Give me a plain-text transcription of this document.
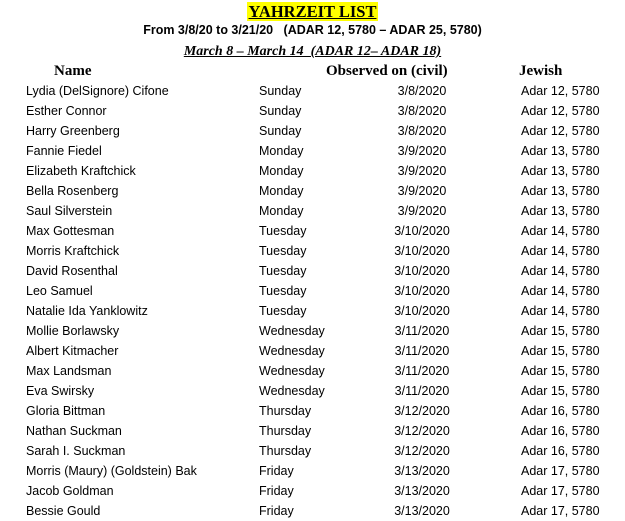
YAHRZEIT LIST
From 3/8/20 to 3/21/20   (ADAR 12, 5780 – ADAR 25, 5780)
March 8 – March 14  (ADAR 12– ADAR 18)
Name	Observed on (civil)	Jewish
Lydia (DelSignore) Cifone	Sunday	3/8/2020	Adar 12, 5780
Esther Connor	Sunday	3/8/2020	Adar 12, 5780
Harry Greenberg	Sunday	3/8/2020	Adar 12, 5780
Fannie Fiedel	Monday	3/9/2020	Adar 13, 5780
Elizabeth Kraftchick	Monday	3/9/2020	Adar 13, 5780
Bella Rosenberg	Monday	3/9/2020	Adar 13, 5780
Saul Silverstein	Monday	3/9/2020	Adar 13, 5780
Max Gottesman	Tuesday	3/10/2020	Adar 14, 5780
Morris Kraftchick	Tuesday	3/10/2020	Adar 14, 5780
David Rosenthal	Tuesday	3/10/2020	Adar 14, 5780
Leo Samuel	Tuesday	3/10/2020	Adar 14, 5780
Natalie Ida Yanklowitz	Tuesday	3/10/2020	Adar 14, 5780
Mollie Borlawsky	Wednesday	3/11/2020	Adar 15, 5780
Albert Kitmacher	Wednesday	3/11/2020	Adar 15, 5780
Max Landsman	Wednesday	3/11/2020	Adar 15, 5780
Eva Swirsky	Wednesday	3/11/2020	Adar 15, 5780
Gloria Bittman	Thursday	3/12/2020	Adar 16, 5780
Nathan Suckman	Thursday	3/12/2020	Adar 16, 5780
Sarah I. Suckman	Thursday	3/12/2020	Adar 16, 5780
Morris (Maury) (Goldstein) Bak	Friday	3/13/2020	Adar 17, 5780
Jacob Goldman	Friday	3/13/2020	Adar 17, 5780
Bessie Gould	Friday	3/13/2020	Adar 17, 5780
